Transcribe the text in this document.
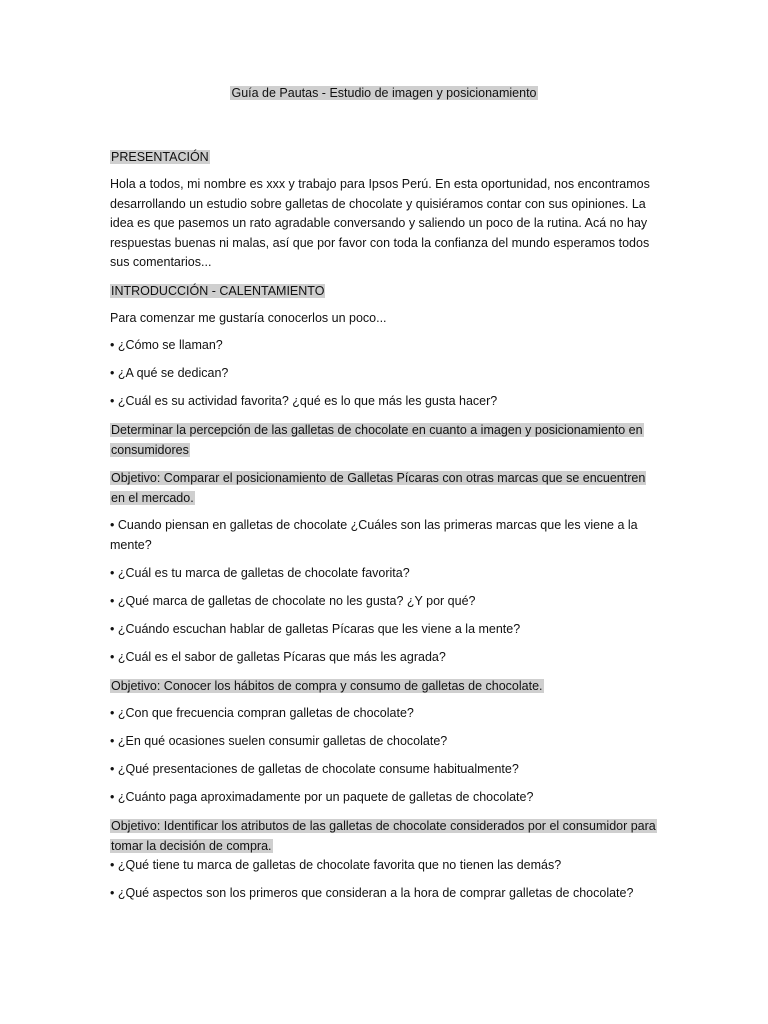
Guía de Pautas - Estudio de imagen y posicionamiento
PRESENTACIÓN

Hola a todos, mi nombre es xxx y trabajo para Ipsos Perú. En esta oportunidad, nos encontramos desarrollando un estudio sobre galletas de chocolate y quisiéramos contar con sus opiniones. La idea es que pasemos un rato agradable conversando y saliendo un poco de la rutina. Acá no hay respuestas buenas ni malas, así que por favor con toda la confianza del mundo esperamos todos sus comentarios...

INTRODUCCIÓN - CALENTAMIENTO

Para comenzar me gustaría conocerlos un poco...

• ¿Cómo se llaman?

• ¿A qué se dedican?

• ¿Cuál es su actividad favorita? ¿qué es lo que más les gusta hacer?

Determinar la percepción de las galletas de chocolate en cuanto a imagen y posicionamiento en consumidores
Objetivo: Comparar el posicionamiento de Galletas Pícaras con otras marcas que se encuentren en el mercado.

• Cuando piensan en galletas de chocolate ¿Cuáles son las primeras marcas que les viene a la mente?

• ¿Cuál es tu marca de galletas de chocolate favorita?

• ¿Qué marca de galletas de chocolate no les gusta? ¿Y por qué?

• ¿Cuándo escuchan hablar de galletas Pícaras que les viene a la mente?

• ¿Cuál es el sabor de galletas Pícaras que más les agrada?

Objetivo: Conocer los hábitos de compra y consumo de galletas de chocolate.

• ¿Con que frecuencia compran galletas de chocolate?

• ¿En qué ocasiones suelen consumir galletas de chocolate?

• ¿Qué presentaciones de galletas de chocolate consume habitualmente?

• ¿Cuánto paga aproximadamente por un paquete de galletas de chocolate?

Objetivo: Identificar los atributos de las galletas de chocolate considerados por el consumidor para tomar la decisión de compra.

• ¿Qué tiene tu marca de galletas de chocolate favorita que no tienen las demás?

• ¿Qué aspectos son los primeros que consideran a la hora de comprar galletas de chocolate?
